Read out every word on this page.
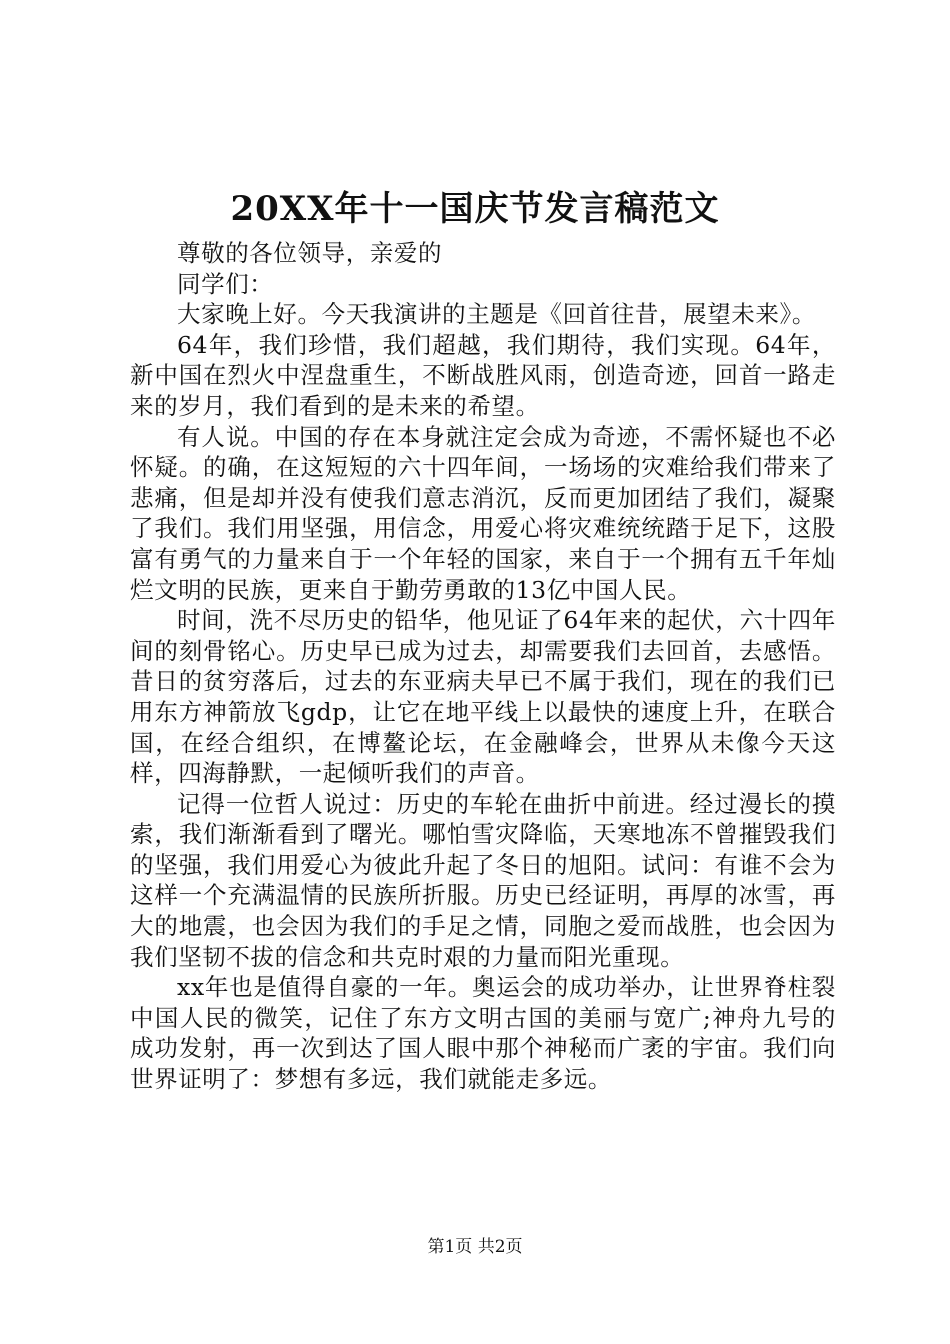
20XX年十一国庆节发言稿范文

尊敬的各位领导，亲爱的

同学们：

大家晚上好。今天我演讲的主题是《回首往昔，展望未来》。

64年，我们珍惜，我们超越，我们期待，我们实现。64年，新中国在烈火中涅盘重生，不断战胜风雨，创造奇迹，回首一路走来的岁月，我们看到的是未来的希望。

有人说。中国的存在本身就注定会成为奇迹，不需怀疑也不必怀疑。的确，在这短短的六十四年间，一场场的灾难给我们带来了悲痛，但是却并没有使我们意志消沉，反而更加团结了我们，凝聚了我们。我们用坚强，用信念，用爱心将灾难统统踏于足下，这股富有勇气的力量来自于一个年轻的国家，来自于一个拥有五千年灿烂文明的民族，更来自于勤劳勇敢的13亿中国人民。

时间，洗不尽历史的铅华，他见证了64年来的起伏，六十四年间的刻骨铭心。历史早已成为过去，却需要我们去回首，去感悟。昔日的贫穷落后，过去的东亚病夫早已不属于我们，现在的我们已用东方神箭放飞gdp，让它在地平线上以最快的速度上升，在联合国，在经合组织，在博鳌论坛，在金融峰会，世界从未像今天这样，四海静默，一起倾听我们的声音。

记得一位哲人说过：历史的车轮在曲折中前进。经过漫长的摸索，我们渐渐看到了曙光。哪怕雪灾降临，天寒地冻不曾摧毁我们的坚强，我们用爱心为彼此升起了冬日的旭阳。试问：有谁不会为这样一个充满温情的民族所折服。历史已经证明，再厚的冰雪，再大的地震，也会因为我们的手足之情，同胞之爱而战胜，也会因为我们坚韧不拔的信念和共克时艰的力量而阳光重现。

xx年也是值得自豪的一年。奥运会的成功举办，让世界脊柱裂中国人民的微笑，记住了东方文明古国的美丽与宽广;神舟九号的成功发射，再一次到达了国人眼中那个神秘而广袤的宇宙。我们向世界证明了：梦想有多远，我们就能走多远。

第1页 共2页
